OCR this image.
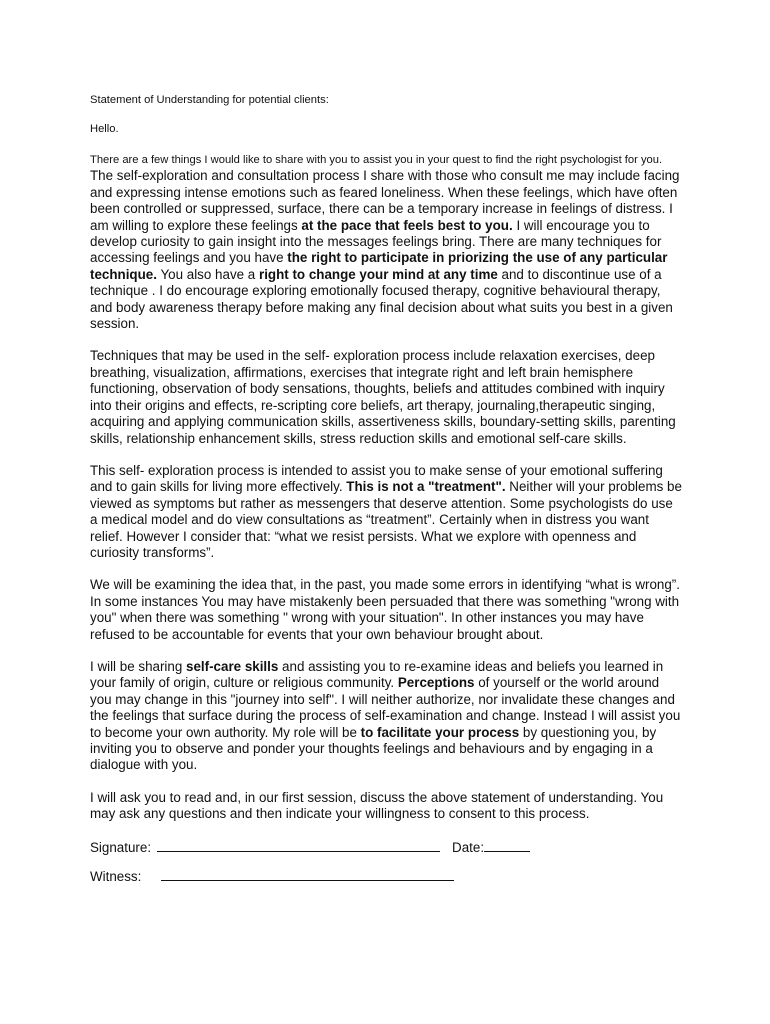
Statement of Understanding for potential clients:
Hello.

There are a few things I would like to share with you to assist you in your quest to find the right psychologist for you. The self-exploration and consultation process I share with those who consult me may include facing and expressing intense emotions such as feared loneliness. When these feelings, which have often been controlled or suppressed, surface, there can be a temporary increase in feelings of distress. I am willing to explore these feelings at the pace that feels best to you. I will encourage you to develop curiosity to gain insight into the messages feelings bring. There are many techniques for accessing feelings and you have the right to participate in priorizing the use of any particular technique. You also have a right to change your mind at any time and to discontinue use of a technique . I do encourage exploring emotionally focused therapy, cognitive behavioural therapy, and body awareness therapy before making any final decision about what suits you best in a given session.

Techniques that may be used in the self- exploration process include relaxation exercises, deep breathing, visualization, affirmations, exercises that integrate right and left brain hemisphere functioning, observation of body sensations, thoughts, beliefs and attitudes combined with inquiry into their origins and effects, re-scripting core beliefs, art therapy, journaling,therapeutic singing, acquiring and applying communication skills, assertiveness skills, boundary-setting skills, parenting skills, relationship enhancement skills, stress reduction skills and emotional self-care skills.

This self- exploration process is intended to assist you to make sense of your emotional suffering and to gain skills for living more effectively. This is not a "treatment". Neither will your problems be viewed as symptoms but rather as messengers that deserve attention. Some psychologists do use a medical model and do view consultations as “treatment”. Certainly when in distress you want relief. However I consider that: “what we resist persists. What we explore with openness and curiosity transforms”.

We will be examining the idea that, in the past, you made some errors in identifying “what is wrong”. In some instances You may have mistakenly been persuaded that there was something "wrong with you" when there was something " wrong with your situation". In other instances you may have refused to be accountable for events that your own behaviour brought about.

I will be sharing self-care skills and assisting you to re-examine ideas and beliefs you learned in your family of origin, culture or religious community. Perceptions of yourself or the world around you may change in this "journey into self". I will neither authorize, nor invalidate these changes and the feelings that surface during the process of self-examination and change. Instead I will assist you to become your own authority. My role will be to facilitate your process by questioning you, by inviting you to observe and ponder your thoughts feelings and behaviours and by engaging in a dialogue with you.

I will ask you to read and, in our first session, discuss the above statement of understanding. You may ask any questions and then indicate your willingness to consent to this process.

Signature:	Date:
Witness:
